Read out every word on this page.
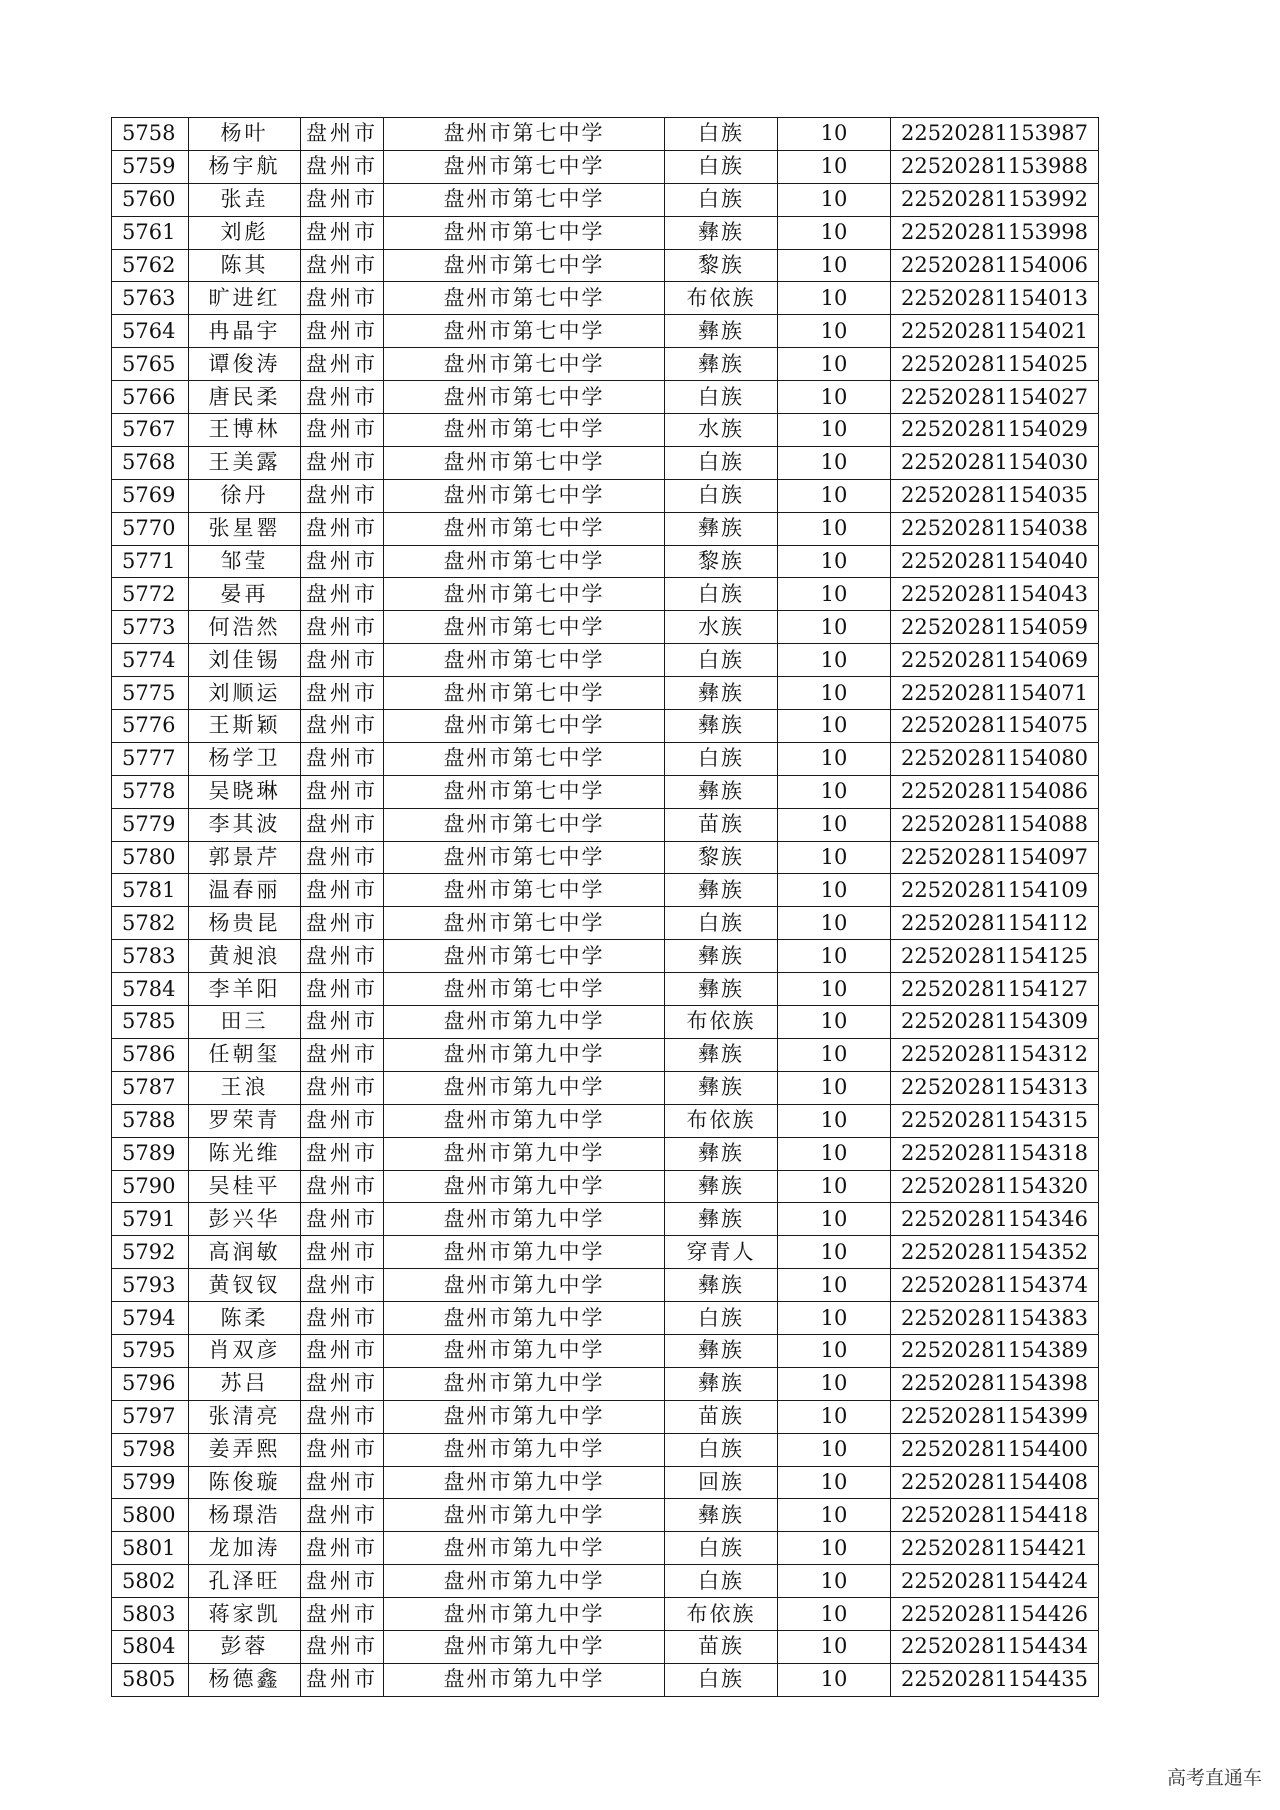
5758	杨叶	盘州市	盘州市第七中学	白族	10	22520281153987
5759	杨宇航	盘州市	盘州市第七中学	白族	10	22520281153988
5760	张垚	盘州市	盘州市第七中学	白族	10	22520281153992
5761	刘彪	盘州市	盘州市第七中学	彝族	10	22520281153998
5762	陈其	盘州市	盘州市第七中学	黎族	10	22520281154006
5763	旷进红	盘州市	盘州市第七中学	布依族	10	22520281154013
5764	冉晶宇	盘州市	盘州市第七中学	彝族	10	22520281154021
5765	谭俊涛	盘州市	盘州市第七中学	彝族	10	22520281154025
5766	唐民柔	盘州市	盘州市第七中学	白族	10	22520281154027
5767	王博林	盘州市	盘州市第七中学	水族	10	22520281154029
5768	王美露	盘州市	盘州市第七中学	白族	10	22520281154030
5769	徐丹	盘州市	盘州市第七中学	白族	10	22520281154035
5770	张星罂	盘州市	盘州市第七中学	彝族	10	22520281154038
5771	邹莹	盘州市	盘州市第七中学	黎族	10	22520281154040
5772	晏再	盘州市	盘州市第七中学	白族	10	22520281154043
5773	何浩然	盘州市	盘州市第七中学	水族	10	22520281154059
5774	刘佳锡	盘州市	盘州市第七中学	白族	10	22520281154069
5775	刘顺运	盘州市	盘州市第七中学	彝族	10	22520281154071
5776	王斯颖	盘州市	盘州市第七中学	彝族	10	22520281154075
5777	杨学卫	盘州市	盘州市第七中学	白族	10	22520281154080
5778	吴晓琳	盘州市	盘州市第七中学	彝族	10	22520281154086
5779	李其波	盘州市	盘州市第七中学	苗族	10	22520281154088
5780	郭景芹	盘州市	盘州市第七中学	黎族	10	22520281154097
5781	温春丽	盘州市	盘州市第七中学	彝族	10	22520281154109
5782	杨贵昆	盘州市	盘州市第七中学	白族	10	22520281154112
5783	黄昶浪	盘州市	盘州市第七中学	彝族	10	22520281154125
5784	李羊阳	盘州市	盘州市第七中学	彝族	10	22520281154127
5785	田三	盘州市	盘州市第九中学	布依族	10	22520281154309
5786	任朝玺	盘州市	盘州市第九中学	彝族	10	22520281154312
5787	王浪	盘州市	盘州市第九中学	彝族	10	22520281154313
5788	罗荣青	盘州市	盘州市第九中学	布依族	10	22520281154315
5789	陈光维	盘州市	盘州市第九中学	彝族	10	22520281154318
5790	吴桂平	盘州市	盘州市第九中学	彝族	10	22520281154320
5791	彭兴华	盘州市	盘州市第九中学	彝族	10	22520281154346
5792	高润敏	盘州市	盘州市第九中学	穿青人	10	22520281154352
5793	黄钗钗	盘州市	盘州市第九中学	彝族	10	22520281154374
5794	陈柔	盘州市	盘州市第九中学	白族	10	22520281154383
5795	肖双彦	盘州市	盘州市第九中学	彝族	10	22520281154389
5796	苏吕	盘州市	盘州市第九中学	彝族	10	22520281154398
5797	张清亮	盘州市	盘州市第九中学	苗族	10	22520281154399
5798	姜弄熙	盘州市	盘州市第九中学	白族	10	22520281154400
5799	陈俊璇	盘州市	盘州市第九中学	回族	10	22520281154408
5800	杨璟浩	盘州市	盘州市第九中学	彝族	10	22520281154418
5801	龙加涛	盘州市	盘州市第九中学	白族	10	22520281154421
5802	孔泽旺	盘州市	盘州市第九中学	白族	10	22520281154424
5803	蒋家凯	盘州市	盘州市第九中学	布依族	10	22520281154426
5804	彭蓉	盘州市	盘州市第九中学	苗族	10	22520281154434
5805	杨德鑫	盘州市	盘州市第九中学	白族	10	22520281154435
高考直通车
